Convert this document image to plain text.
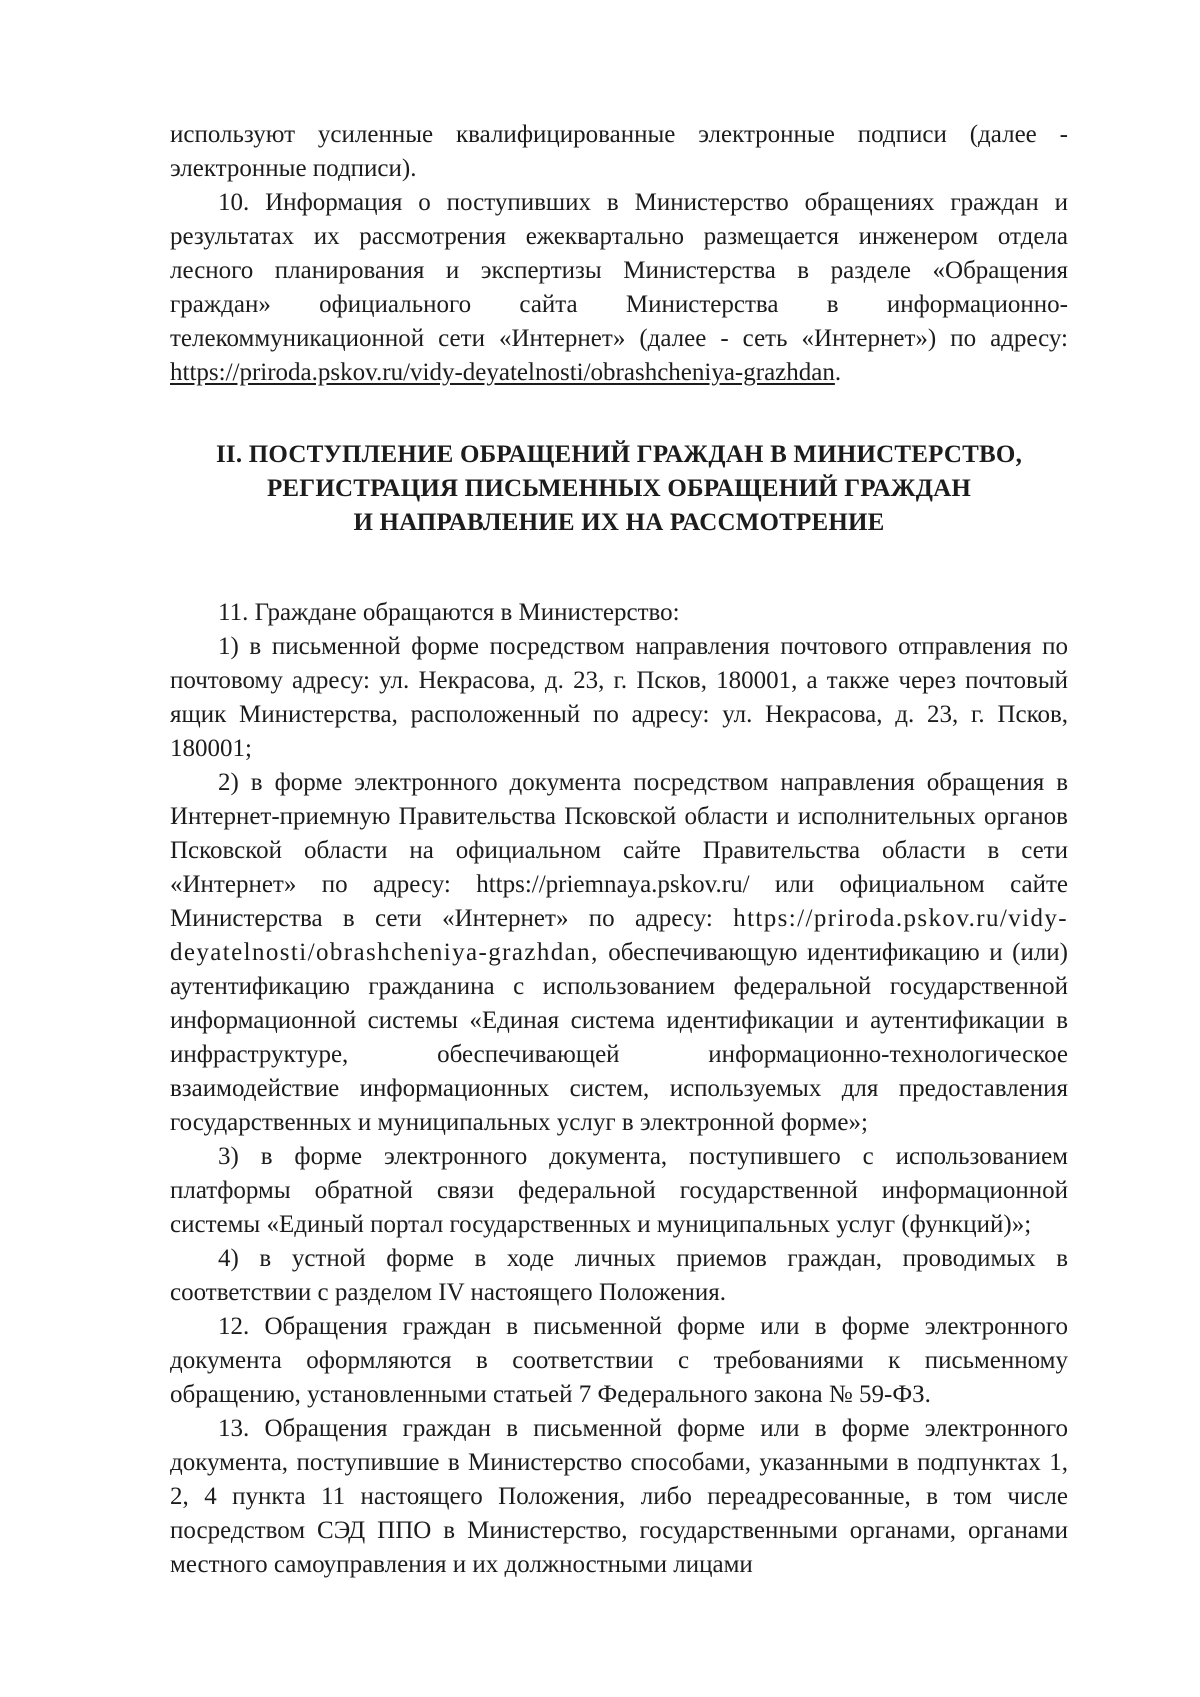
используют усиленные квалифицированные электронные подписи (далее - электронные подписи).

10. Информация о поступивших в Министерство обращениях граждан и результатах их рассмотрения ежеквартально размещается инженером отдела лесного планирования и экспертизы Министерства в разделе «Обращения граждан» официального сайта Министерства в информационно-телекоммуникационной сети «Интернет» (далее - сеть «Интернет») по адресу: https://priroda.pskov.ru/vidy-deyatelnosti/obrashcheniya-grazhdan.

II. ПОСТУПЛЕНИЕ ОБРАЩЕНИЙ ГРАЖДАН В МИНИСТЕРСТВО,
РЕГИСТРАЦИЯ ПИСЬМЕННЫХ ОБРАЩЕНИЙ ГРАЖДАН
И НАПРАВЛЕНИЕ ИХ НА РАССМОТРЕНИЕ

11. Граждане обращаются в Министерство:

1) в письменной форме посредством направления почтового отправления по почтовому адресу: ул. Некрасова, д. 23, г. Псков, 180001, а также через почтовый ящик Министерства, расположенный по адресу: ул. Некрасова, д. 23, г. Псков, 180001;

2) в форме электронного документа посредством направления обращения в Интернет-приемную Правительства Псковской области и исполнительных органов Псковской области на официальном сайте Правительства области в сети «Интернет» по адресу: https://priemnaya.pskov.ru/ или официальном сайте Министерства в сети «Интернет» по адресу: https://priroda.pskov.ru/vidy-deyatelnosti/obrashcheniya-grazhdan, обеспечивающую идентификацию и (или) аутентификацию гражданина с использованием федеральной государственной информационной системы «Единая система идентификации и аутентификации в инфраструктуре, обеспечивающей информационно-технологическое взаимодействие информационных систем, используемых для предоставления государственных и муниципальных услуг в электронной форме»;

3) в форме электронного документа, поступившего с использованием платформы обратной связи федеральной государственной информационной системы «Единый портал государственных и муниципальных услуг (функций)»;

4) в устной форме в ходе личных приемов граждан, проводимых в соответствии с разделом IV настоящего Положения.

12. Обращения граждан в письменной форме или в форме электронного документа оформляются в соответствии с требованиями к письменному обращению, установленными статьей 7 Федерального закона № 59-ФЗ.

13. Обращения граждан в письменной форме или в форме электронного документа, поступившие в Министерство способами, указанными в подпунктах 1, 2, 4 пункта 11 настоящего Положения, либо переадресованные, в том числе посредством СЭД ППО в Министерство, государственными органами, органами местного самоуправления и их должностными лицами
